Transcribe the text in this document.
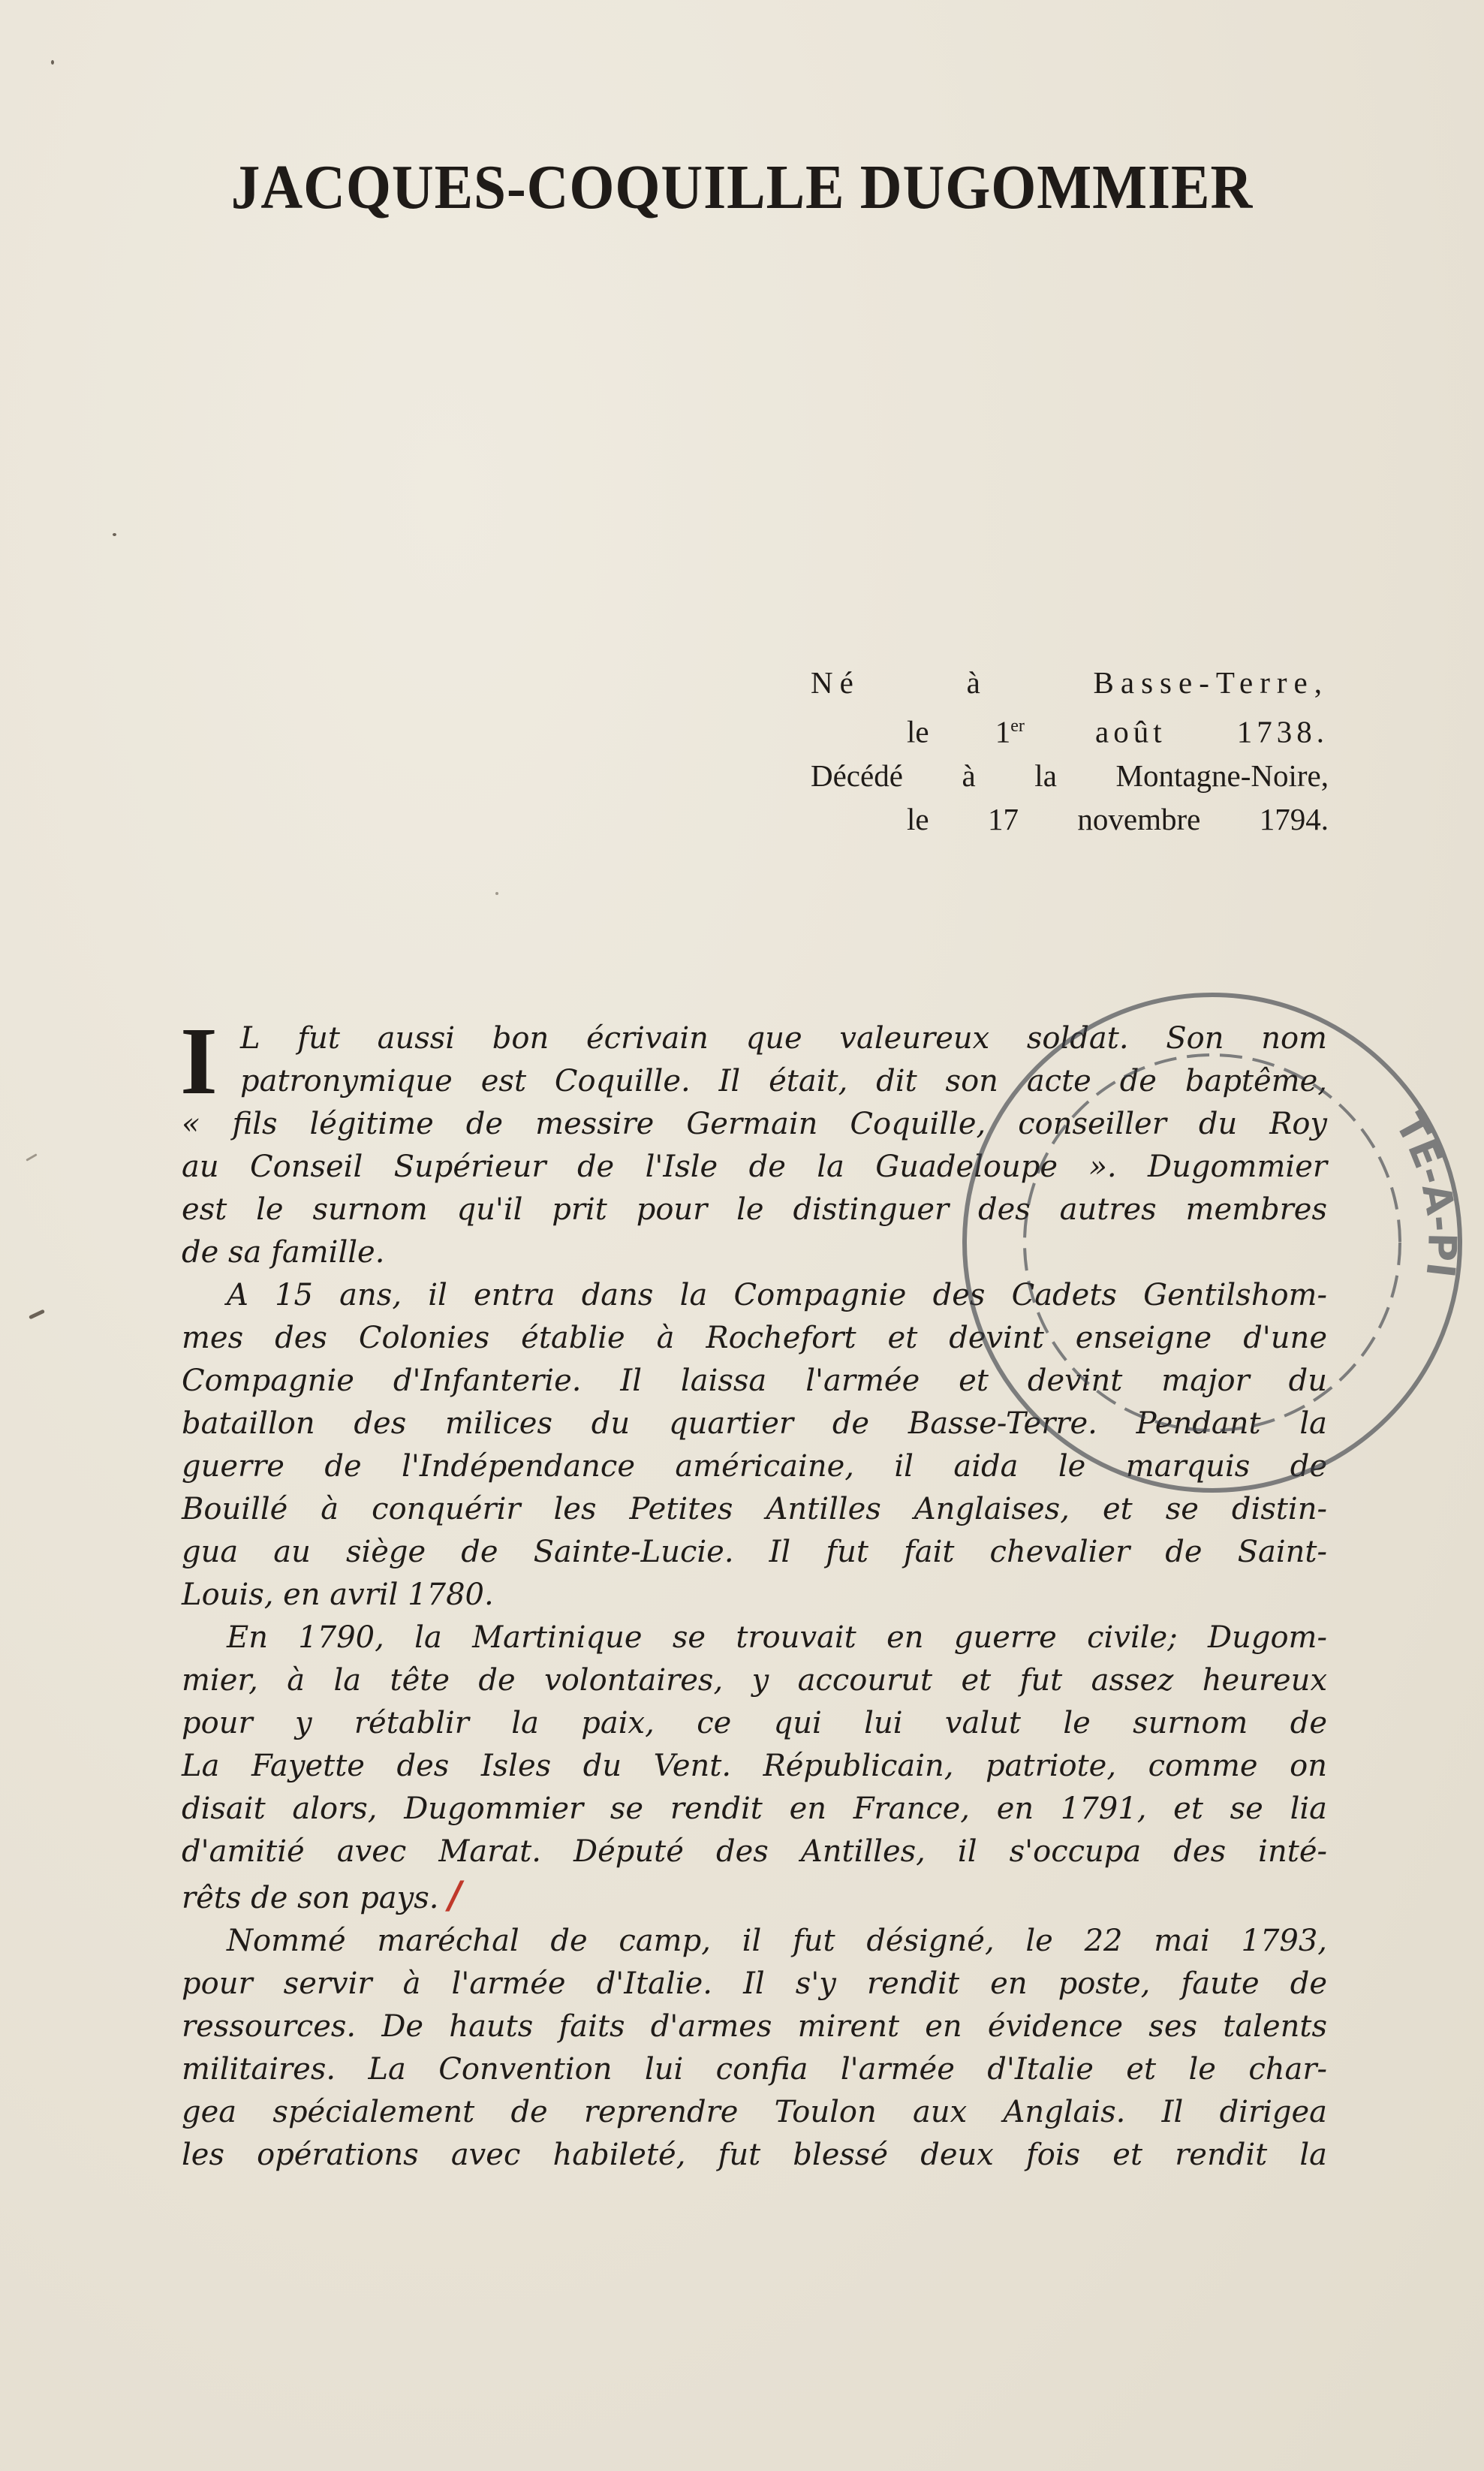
JACQUES-COQUILLE DUGOMMIER
Né à Basse-Terre,
le 1er août 1738.
Décédé à la Montagne-Noire,
le 17 novembre 1794.
I L fut aussi bon écrivain que valeureux soldat. Son nom
patronymique est Coquille. Il était, dit son acte de baptême,
« fils légitime de messire Germain Coquille, conseiller du Roy
au Conseil Supérieur de l'Isle de la Guadeloupe ». Dugommier
est le surnom qu'il prit pour le distinguer des autres membres
de sa famille.
A 15 ans, il entra dans la Compagnie des Cadets Gentilshom-
mes des Colonies établie à Rochefort et devint enseigne d'une
Compagnie d'Infanterie. Il laissa l'armée et devint major du
bataillon des milices du quartier de Basse-Terre. Pendant la
guerre de l'Indépendance américaine, il aida le marquis de
Bouillé à conquérir les Petites Antilles Anglaises, et se distin-
gua au siège de Sainte-Lucie. Il fut fait chevalier de Saint-
Louis, en avril 1780.
En 1790, la Martinique se trouvait en guerre civile; Dugom-
mier, à la tête de volontaires, y accourut et fut assez heureux
pour y rétablir la paix, ce qui lui valut le surnom de
La Fayette des Isles du Vent. Républicain, patriote, comme on
disait alors, Dugommier se rendit en France, en 1791, et se lia
d'amitié avec Marat. Député des Antilles, il s'occupa des inté-
rêts de son pays. /
Nommé maréchal de camp, il fut désigné, le 22 mai 1793,
pour servir à l'armée d'Italie. Il s'y rendit en poste, faute de
ressources. De hauts faits d'armes mirent en évidence ses talents
militaires. La Convention lui confia l'armée d'Italie et le char-
gea spécialement de reprendre Toulon aux Anglais. Il dirigea
les opérations avec habileté, fut blessé deux fois et rendit la
TE-A-PI
